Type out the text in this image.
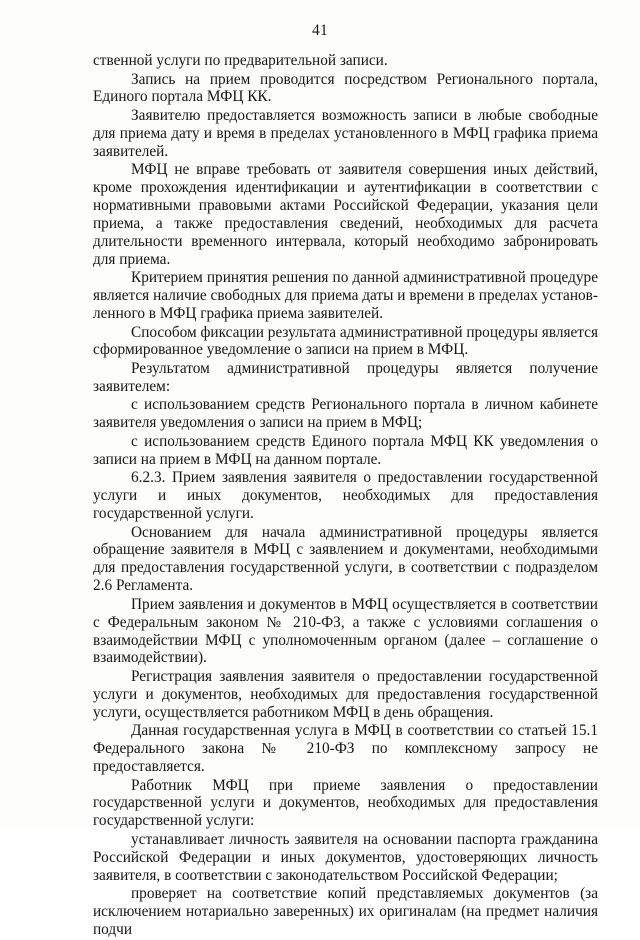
41

ственной услуги по предварительной записи.

Запись на прием проводится посредством Регионального портала, Единого портала МФЦ КК.

Заявителю предоставляется возможность записи в любые свободные для приема дату и время в пределах установленного в МФЦ графика приема заявителей.

МФЦ не вправе требовать от заявителя совершения иных действий, кроме прохождения идентификации и аутентификации в соответствии с нормативными правовыми актами Российской Федерации, указания цели приема, а также предоставления сведений, необходимых для расчета длительности временного интервала, который необходимо забронировать для приема.

Критерием принятия решения по данной административной процедуре является наличие свободных для приема даты и времени в пределах установленного в МФЦ графика приема заявителей.

Способом фиксации результата административной процедуры является сформированное уведомление о записи на прием в МФЦ.

Результатом административной процедуры является получение заявителем:

с использованием средств Регионального портала в личном кабинете заявителя уведомления о записи на прием в МФЦ;

с использованием средств Единого портала МФЦ КК уведомления о записи на прием в МФЦ на данном портале.

6.2.3. Прием заявления заявителя о предоставлении государственной услуги и иных документов, необходимых для предоставления государственной услуги.

Основанием для начала административной процедуры является обращение заявителя в МФЦ с заявлением и документами, необходимыми для предоставления государственной услуги, в соответствии с подразделом 2.6 Регламента.

Прием заявления и документов в МФЦ осуществляется в соответствии с Федеральным законом № 210-ФЗ, а также с условиями соглашения о взаимодействии МФЦ с уполномоченным органом (далее – соглашение о взаимодействии).

Регистрация заявления заявителя о предоставлении государственной услуги и документов, необходимых для предоставления государственной услуги, осуществляется работником МФЦ в день обращения.

Данная государственная услуга в МФЦ в соответствии со статьей 15.1 Федерального закона № 210-ФЗ по комплексному запросу не предоставляется.

Работник МФЦ при приеме заявления о предоставлении государственной услуги и документов, необходимых для предоставления государственной услуги:

устанавливает личность заявителя на основании паспорта гражданина Российской Федерации и иных документов, удостоверяющих личность заявителя, в соответствии с законодательством Российской Федерации;

проверяет на соответствие копий представляемых документов (за исключением нотариально заверенных) их оригиналам (на предмет наличия подчи
